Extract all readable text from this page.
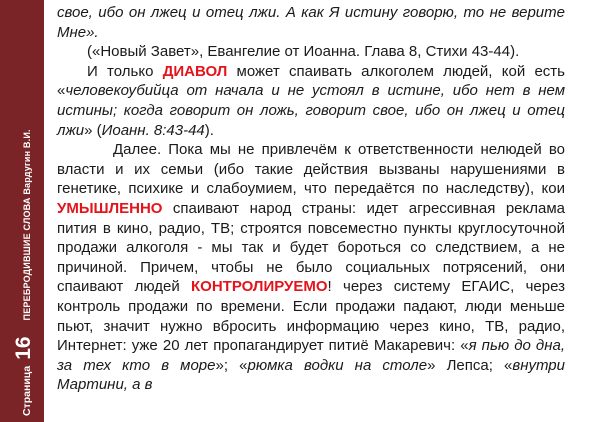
Страница
16
ПЕРЕБРОДИВШИЕ СЛОВА Вардугин В.И.

свое, ибо он лжец и отец лжи. А как Я истину говорю, то не верите Мне».

(«Новый Завет», Евангелие от Иоанна. Глава 8, Стихи 43-44).

И только ДИАВОЛ может спаивать алкоголем людей, кой есть «человекоубийца от начала и не устоял в истине, ибо нет в нем истины; когда говорит он ложь, говорит свое, ибо он лжец и отец лжи» (Иоанн. 8:43-44).

Далее. Пока мы не привлечём к ответственности нелюдей во власти и их семьи (ибо такие действия вызваны нарушениями в генетике, психике и слабоумием, что передаётся по наследству), кои УМЫШЛЕННО спаивают народ страны: идет агрессивная реклама пития в кино, радио, ТВ; строятся повсеместно пункты круглосуточной продажи алкоголя - мы так и будет бороться со следствием, а не причиной. Причем, чтобы не было социальных потрясений, они спаивают людей КОНТРОЛИРУЕМО! через систему ЕГАИС, через контроль продажи по времени. Если продажи падают, люди меньше пьют, значит нужно вбросить информацию через кино, ТВ, радио, Интернет: уже 20 лет пропагандирует питиё Макаревич: «я пью до дна, за тех кто в море»; «рюмка водки на столе» Лепса; «внутри Мартини, а в
